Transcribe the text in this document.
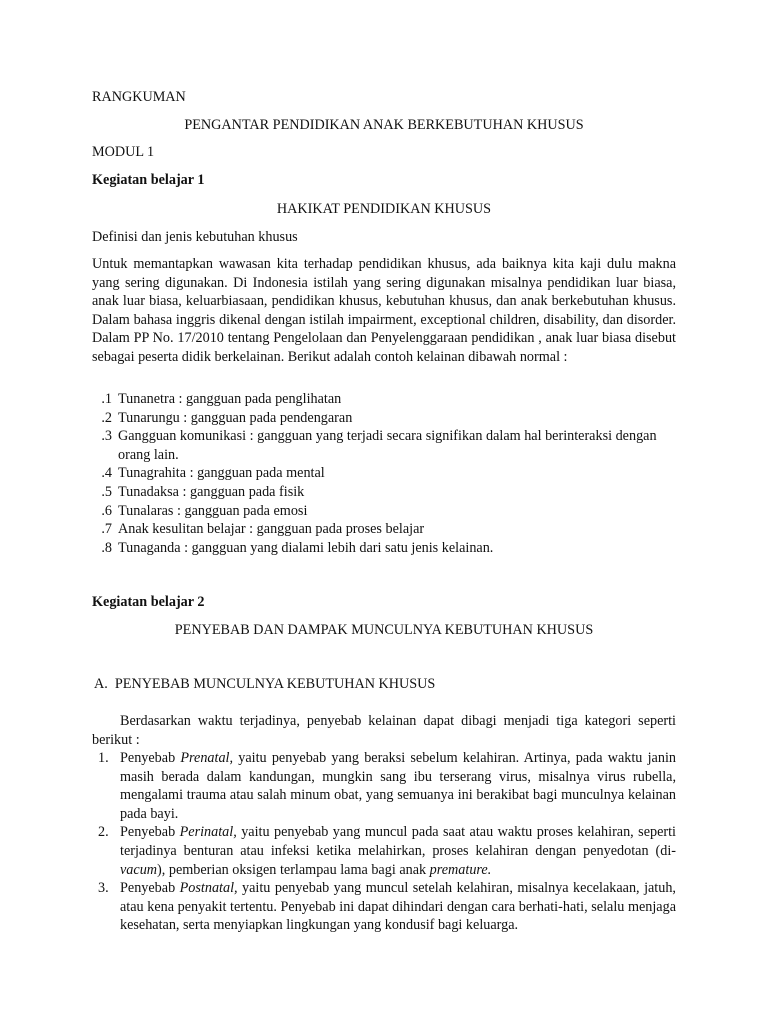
RANGKUMAN

PENGANTAR PENDIDIKAN ANAK BERKEBUTUHAN KHUSUS

MODUL 1

Kegiatan belajar 1

HAKIKAT PENDIDIKAN KHUSUS

Definisi dan jenis kebutuhan khusus

Untuk memantapkan wawasan kita terhadap pendidikan khusus, ada baiknya kita kaji dulu makna yang sering digunakan. Di Indonesia istilah yang sering digunakan misalnya pendidikan luar biasa, anak luar biasa, keluarbiasaan, pendidikan khusus, kebutuhan khusus, dan anak berkebutuhan khusus. Dalam bahasa inggris dikenal dengan istilah impairment, exceptional children, disability, dan disorder. Dalam PP No. 17/2010 tentang Pengelolaan dan Penyelenggaraan pendidikan , anak luar biasa disebut sebagai peserta didik berkelainan. Berikut adalah contoh kelainan dibawah normal :

1. Tunanetra : gangguan pada penglihatan
2. Tunarungu : gangguan pada pendengaran
3. Gangguan komunikasi : gangguan yang terjadi secara signifikan dalam hal berinteraksi dengan orang lain.
4. Tunagrahita : gangguan pada mental
5. Tunadaksa : gangguan pada fisik
6. Tunalaras : gangguan pada emosi
7. Anak kesulitan belajar : gangguan pada proses belajar
8. Tunaganda : gangguan yang dialami lebih dari satu jenis kelainan.

Kegiatan belajar 2

PENYEBAB DAN DAMPAK MUNCULNYA KEBUTUHAN KHUSUS

A.  PENYEBAB MUNCULNYA KEBUTUHAN KHUSUS

Berdasarkan waktu terjadinya, penyebab kelainan dapat dibagi menjadi tiga kategori seperti berikut :

1. Penyebab Prenatal, yaitu penyebab yang beraksi sebelum kelahiran. Artinya, pada waktu janin masih berada dalam kandungan, mungkin sang ibu terserang virus, misalnya virus rubella, mengalami trauma atau salah minum obat, yang semuanya ini berakibat bagi munculnya kelainan pada bayi.
2. Penyebab Perinatal, yaitu penyebab yang muncul pada saat atau waktu proses kelahiran, seperti terjadinya benturan atau infeksi ketika melahirkan, proses kelahiran dengan penyedotan (di-vacum), pemberian oksigen terlampau lama bagi anak premature.
3. Penyebab Postnatal, yaitu penyebab yang muncul setelah kelahiran, misalnya kecelakaan, jatuh, atau kena penyakit tertentu. Penyebab ini dapat dihindari dengan cara berhati-hati, selalu menjaga kesehatan, serta menyiapkan lingkungan yang kondusif bagi keluarga.
